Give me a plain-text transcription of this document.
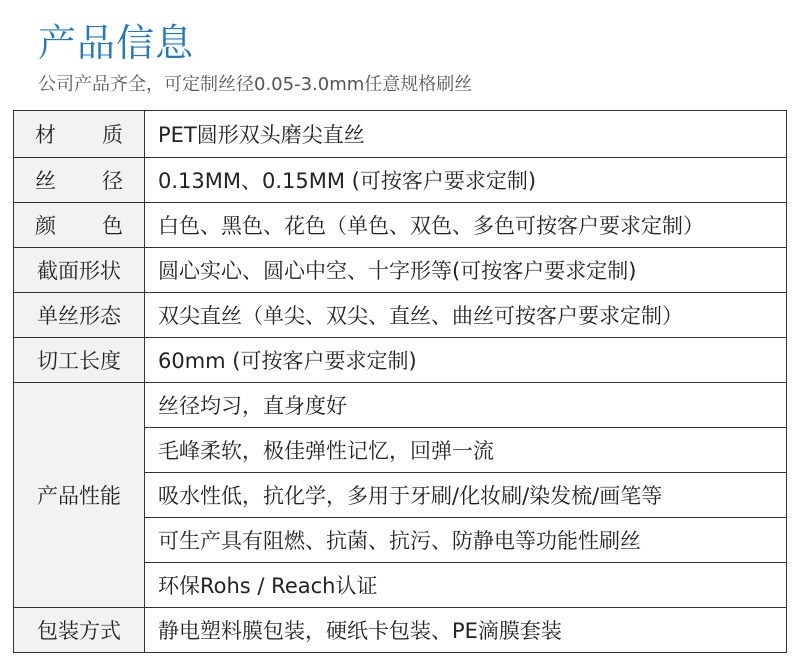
产品信息

公司产品齐全，可定制丝径0.05-3.0mm任意规格刷丝

材 质	PET圆形双头磨尖直丝

丝 径	0.13MM、0.15MM (可按客户要求定制)

颜 色	白色、黑色、花色（单色、双色、多色可按客户要求定制）
截面形状	圆心实心、圆心中空、十字形等(可按客户要求定制)
单丝形态	双尖直丝（单尖、双尖、直丝、曲丝可按客户要求定制）
切工长度	60mm (可按客户要求定制)
产品性能	丝径均习，直身度好
	毛峰柔软，极佳弹性记忆，回弹一流
	吸水性低，抗化学，多用于牙刷/化妆刷/染发梳/画笔等
	可生产具有阻燃、抗菌、抗污、防静电等功能性刷丝
	环保Rohs / Reach认证
包装方式	静电塑料膜包装，硬纸卡包装、PE滴膜套装
